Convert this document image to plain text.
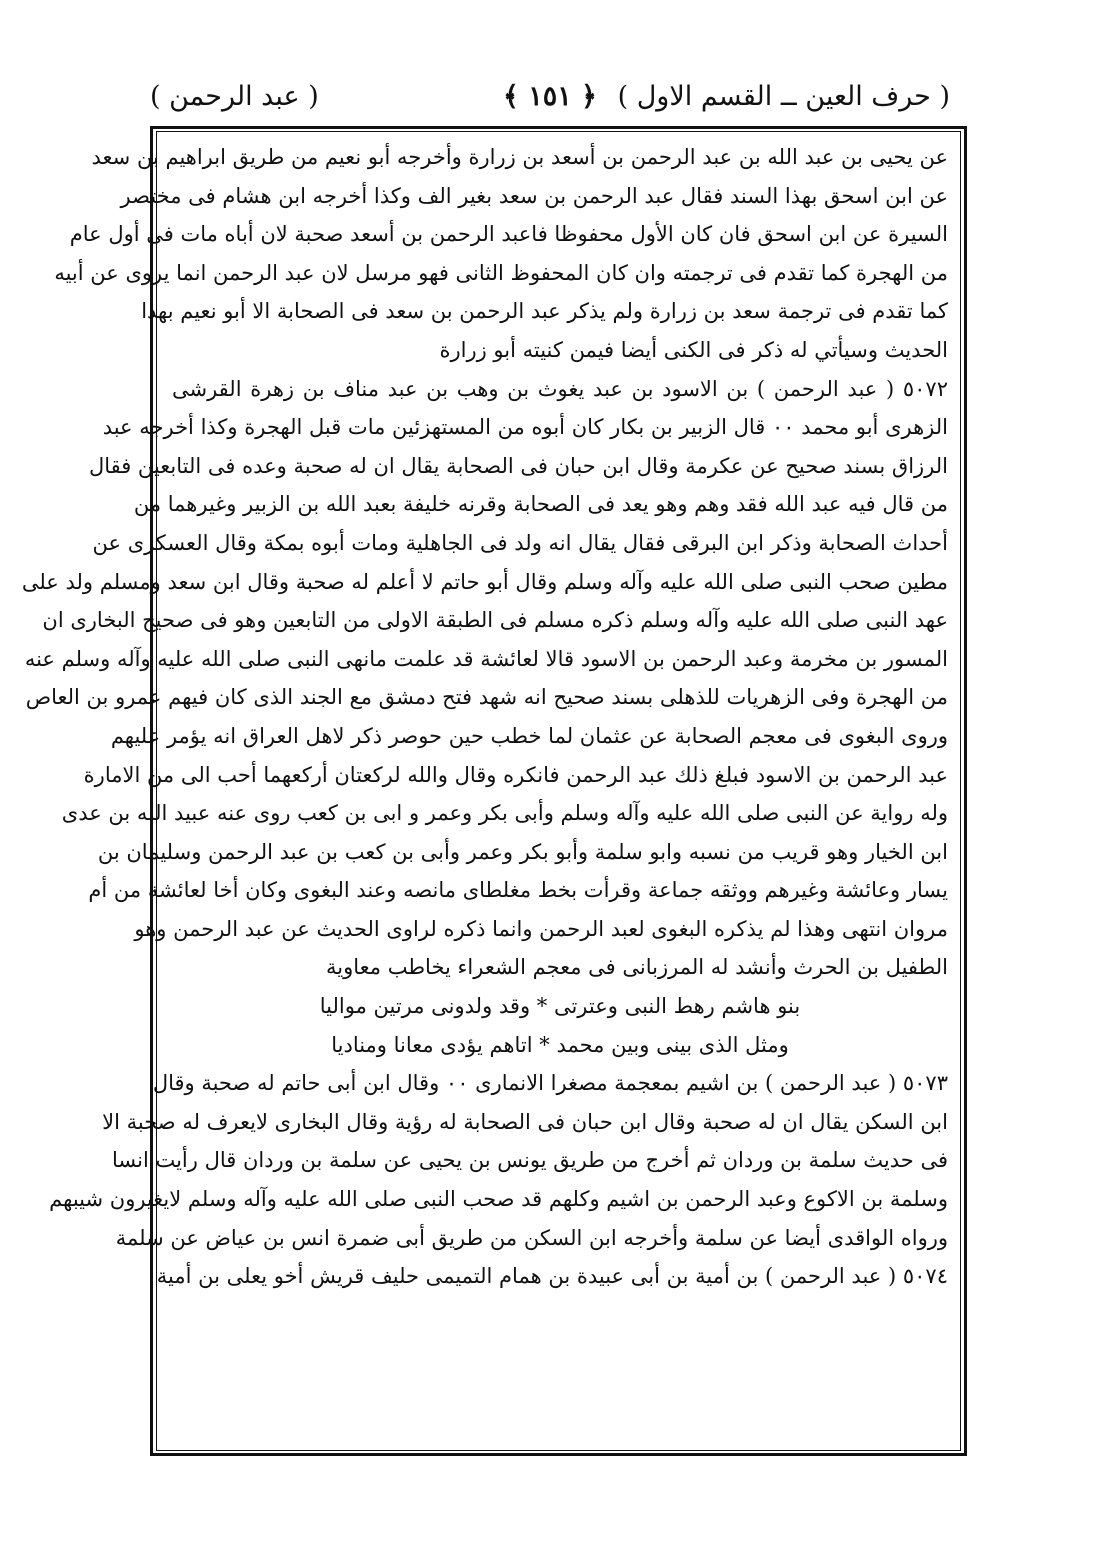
( حرف العين ــ القسم الاول )
﴿ ١٥١ ﴾
( عبد الرحمن )
عن يحيى بن عبد الله بن عبد الرحمن بن أسعد بن زرارة وأخرجه أبو نعيم من طريق ابراهيم بن سعد
عن ابن اسحق بهذا السند فقال عبد الرحمن بن سعد بغير الف وكذا أخرجه ابن هشام فى مختصر
السيرة عن ابن اسحق فان كان الأول محفوظا فاعبد الرحمن بن أسعد صحبة لان أباه مات فى أول عام
من الهجرة كما تقدم فى ترجمته وان كان المحفوظ الثانى فهو مرسل لان عبد الرحمن انما يروى عن أبيه
كما تقدم فى ترجمة سعد بن زرارة ولم يذكر عبد الرحمن بن سعد فى الصحابة الا أبو نعيم بهذا
الحديث وسيأتي له ذكر فى الكنى أيضا فيمن كنيته أبو زرارة
٥٠٧٢ ( عبد الرحمن ) بن الاسود بن عبد يغوث بن وهب بن عبد مناف بن زهرة القرشى
الزهرى أبو محمد ٠٠ قال الزبير بن بكار كان أبوه من المستهزئين مات قبل الهجرة وكذا أخرجه عبد
الرزاق بسند صحيح عن عكرمة وقال ابن حبان فى الصحابة يقال ان له صحبة وعده فى التابعين فقال
من قال فيه عبد الله فقد وهم وهو يعد فى الصحابة وقرنه خليفة بعبد الله بن الزبير وغيرهما من
أحداث الصحابة وذكر ابن البرقى فقال يقال انه ولد فى الجاهلية ومات أبوه بمكة وقال العسكرى عن
مطين صحب النبى صلى الله عليه وآله وسلم وقال أبو حاتم لا أعلم له صحبة وقال ابن سعد ومسلم ولد على
عهد النبى صلى الله عليه وآله وسلم ذكره مسلم فى الطبقة الاولى من التابعين وهو فى صحيح البخارى ان
المسور بن مخرمة وعبد الرحمن بن الاسود قالا لعائشة قد علمت مانهى النبى صلى الله عليه وآله وسلم عنه
من الهجرة وفى الزهريات للذهلى بسند صحيح انه شهد فتح دمشق مع الجند الذى كان فيهم عمرو بن العاص
وروى البغوى فى معجم الصحابة عن عثمان لما خطب حين حوصر ذكر لاهل العراق انه يؤمر عليهم
عبد الرحمن بن الاسود فبلغ ذلك عبد الرحمن فانكره وقال والله لركعتان أركعهما أحب الى من الامارة
وله رواية عن النبى صلى الله عليه وآله وسلم وأبى بكر وعمر و ابى بن كعب روى عنه عبيد الله بن عدى
ابن الخيار وهو قريب من نسبه وابو سلمة وأبو بكر وعمر وأبى بن كعب بن عبد الرحمن وسليمان بن
يسار وعائشة وغيرهم ووثقه جماعة وقرأت بخط مغلطاى مانصه وعند البغوى وكان أخا لعائشة من أم
مروان انتهى وهذا لم يذكره البغوى لعبد الرحمن وانما ذكره لراوى الحديث عن عبد الرحمن وهو
الطفيل بن الحرث وأنشد له المرزبانى فى معجم الشعراء يخاطب معاوية
بنو هاشم رهط النبى وعترتى * وقد ولدونى مرتين مواليا
ومثل الذى بينى وبين محمد * اتاهم يؤدى معانا ومناديا
٥٠٧٣ ( عبد الرحمن ) بن اشيم بمعجمة مصغرا الانمارى ٠٠ وقال ابن أبى حاتم له صحبة وقال
ابن السكن يقال ان له صحبة وقال ابن حبان فى الصحابة له رؤية وقال البخارى لايعرف له صحبة الا
فى حديث سلمة بن وردان ثم أخرج من طريق يونس بن يحيى عن سلمة بن وردان قال رأيت انسا
وسلمة بن الاكوع وعبد الرحمن بن اشيم وكلهم قد صحب النبى صلى الله عليه وآله وسلم لايغيرون شيبهم
ورواه الواقدى أيضا عن سلمة وأخرجه ابن السكن من طريق أبى ضمرة انس بن عياض عن سلمة
٥٠٧٤ ( عبد الرحمن ) بن أمية بن أبى عبيدة بن همام التميمى حليف قريش أخو يعلى بن أمية
